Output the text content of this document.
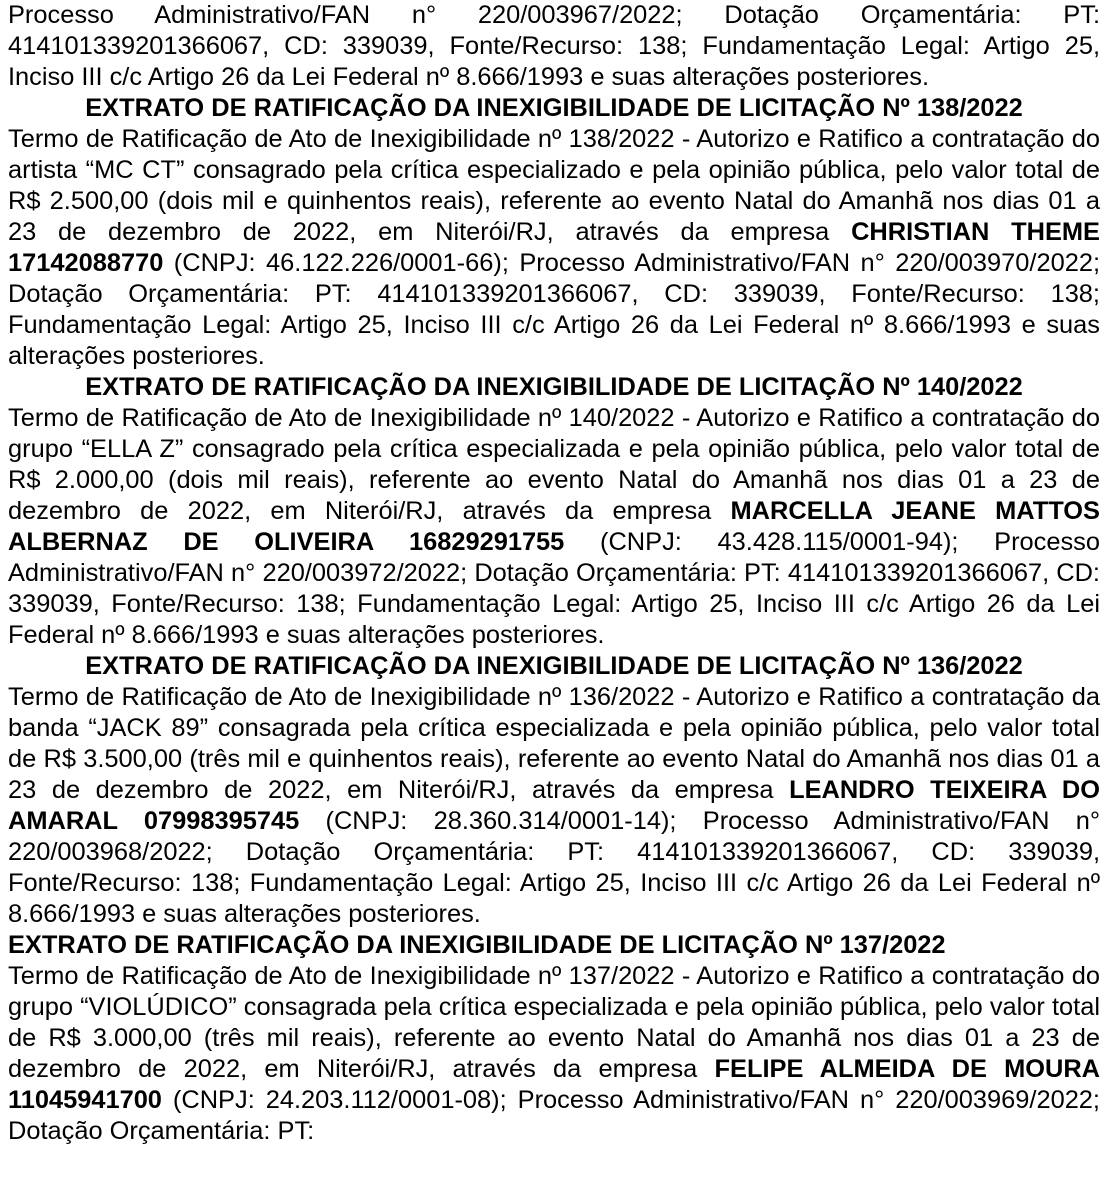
Processo Administrativo/FAN n° 220/003967/2022; Dotação Orçamentária: PT: 414101339201366067, CD: 339039, Fonte/Recurso: 138; Fundamentação Legal: Artigo 25, Inciso III c/c Artigo 26 da Lei Federal nº 8.666/1993 e suas alterações posteriores.

EXTRATO DE RATIFICAÇÃO DA INEXIGIBILIDADE DE LICITAÇÃO Nº 138/2022

Termo de Ratificação de Ato de Inexigibilidade nº 138/2022 - Autorizo e Ratifico a contratação do artista “MC CT” consagrado pela crítica especializado e pela opinião pública, pelo valor total de R$ 2.500,00 (dois mil e quinhentos reais), referente ao evento Natal do Amanhã nos dias 01 a 23 de dezembro de 2022, em Niterói/RJ, através da empresa CHRISTIAN THEME 17142088770 (CNPJ: 46.122.226/0001-66); Processo Administrativo/FAN n° 220/003970/2022; Dotação Orçamentária: PT: 414101339201366067, CD: 339039, Fonte/Recurso: 138; Fundamentação Legal: Artigo 25, Inciso III c/c Artigo 26 da Lei Federal nº 8.666/1993 e suas alterações posteriores.

EXTRATO DE RATIFICAÇÃO DA INEXIGIBILIDADE DE LICITAÇÃO Nº 140/2022

Termo de Ratificação de Ato de Inexigibilidade nº 140/2022 - Autorizo e Ratifico a contratação do grupo “ELLA Z” consagrado pela crítica especializada e pela opinião pública, pelo valor total de R$ 2.000,00 (dois mil reais), referente ao evento Natal do Amanhã nos dias 01 a 23 de dezembro de 2022, em Niterói/RJ, através da empresa MARCELLA JEANE MATTOS ALBERNAZ DE OLIVEIRA 16829291755 (CNPJ: 43.428.115/0001-94); Processo Administrativo/FAN n° 220/003972/2022; Dotação Orçamentária: PT: 414101339201366067, CD: 339039, Fonte/Recurso: 138; Fundamentação Legal: Artigo 25, Inciso III c/c Artigo 26 da Lei Federal nº 8.666/1993 e suas alterações posteriores.

EXTRATO DE RATIFICAÇÃO DA INEXIGIBILIDADE DE LICITAÇÃO Nº 136/2022

Termo de Ratificação de Ato de Inexigibilidade nº 136/2022 - Autorizo e Ratifico a contratação da banda “JACK 89” consagrada pela crítica especializada e pela opinião pública, pelo valor total de R$ 3.500,00 (três mil e quinhentos reais), referente ao evento Natal do Amanhã nos dias 01 a 23 de dezembro de 2022, em Niterói/RJ, através da empresa LEANDRO TEIXEIRA DO AMARAL 07998395745 (CNPJ: 28.360.314/0001-14); Processo Administrativo/FAN n° 220/003968/2022; Dotação Orçamentária: PT: 414101339201366067, CD: 339039, Fonte/Recurso: 138; Fundamentação Legal: Artigo 25, Inciso III c/c Artigo 26 da Lei Federal nº 8.666/1993 e suas alterações posteriores.

EXTRATO DE RATIFICAÇÃO DA INEXIGIBILIDADE DE LICITAÇÃO Nº 137/2022

Termo de Ratificação de Ato de Inexigibilidade nº 137/2022 - Autorizo e Ratifico a contratação do grupo “VIOLÚDICO” consagrada pela crítica especializada e pela opinião pública, pelo valor total de R$ 3.000,00 (três mil reais), referente ao evento Natal do Amanhã nos dias 01 a 23 de dezembro de 2022, em Niterói/RJ, através da empresa FELIPE ALMEIDA DE MOURA 11045941700 (CNPJ: 24.203.112/0001-08); Processo Administrativo/FAN n° 220/003969/2022; Dotação Orçamentária: PT:
